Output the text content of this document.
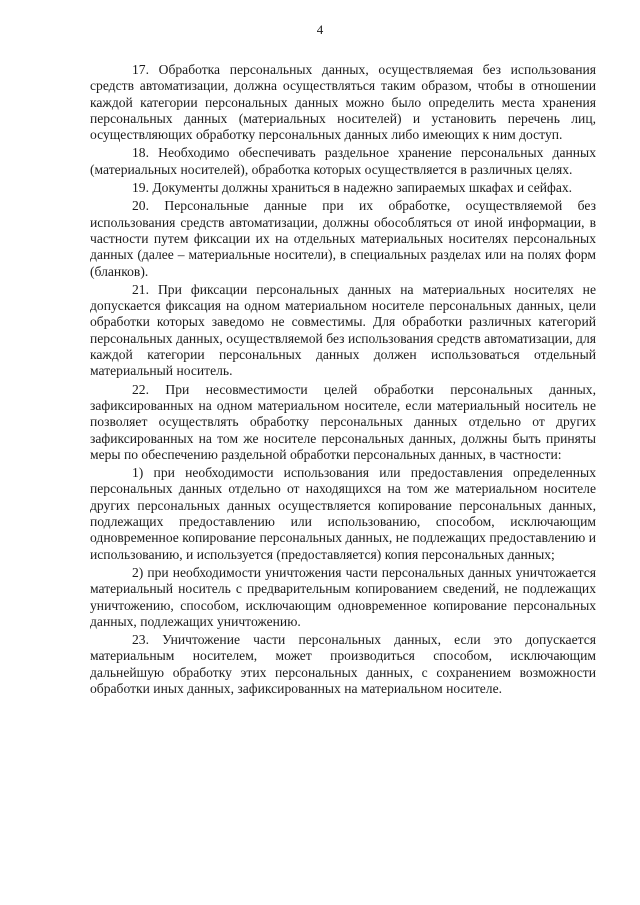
4

17. Обработка персональных данных, осуществляемая без использования средств автоматизации, должна осуществляться таким образом, чтобы в отношении каждой категории персональных данных можно было определить места хранения персональных данных (материальных носителей) и установить перечень лиц, осуществляющих обработку персональных данных либо имеющих к ним доступ.

18. Необходимо обеспечивать раздельное хранение персональных данных (материальных носителей), обработка которых осуществляется в различных целях.

19. Документы должны храниться в надежно запираемых шкафах и сейфах.

20. Персональные данные при их обработке, осуществляемой без использования средств автоматизации, должны обособляться от иной информации, в частности путем фиксации их на отдельных материальных носителях персональных данных (далее – материальные носители), в специальных разделах или на полях форм (бланков).

21. При фиксации персональных данных на материальных носителях не допускается фиксация на одном материальном носителе персональных данных, цели обработки которых заведомо не совместимы. Для обработки различных категорий персональных данных, осуществляемой без использования средств автоматизации, для каждой категории персональных данных должен использоваться отдельный материальный носитель.

22. При несовместимости целей обработки персональных данных, зафиксированных на одном материальном носителе, если материальный носитель не позволяет осуществлять обработку персональных данных отдельно от других зафиксированных на том же носителе персональных данных, должны быть приняты меры по обеспечению раздельной обработки персональных данных, в частности:

1) при необходимости использования или предоставления определенных персональных данных отдельно от находящихся на том же материальном носителе других персональных данных осуществляется копирование персональных данных, подлежащих предоставлению или использованию, способом, исключающим одновременное копирование персональных данных, не подлежащих предоставлению и использованию, и используется (предоставляется) копия персональных данных;

2) при необходимости уничтожения части персональных данных уничтожается материальный носитель с предварительным копированием сведений, не подлежащих уничтожению, способом, исключающим одновременное копирование персональных данных, подлежащих уничтожению.

23. Уничтожение части персональных данных, если это допускается материальным носителем, может производиться способом, исключающим дальнейшую обработку этих персональных данных, с сохранением возможности обработки иных данных, зафиксированных на материальном носителе.
